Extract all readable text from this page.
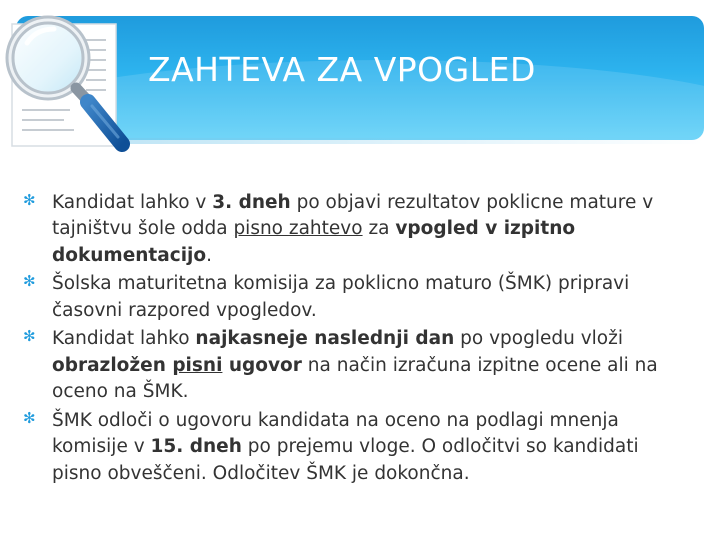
ZAHTEVA ZA VPOGLED
✻ Kandidat lahko v 3. dneh po objavi rezultatov poklicne mature v tajništvu šole odda pisno zahtevo za vpogled v izpitno dokumentacijo.
✻ Šolska maturitetna komisija za poklicno maturo (ŠMK) pripravi časovni razpored vpogledov.
✻ Kandidat lahko najkasneje naslednji dan po vpogledu vloži obrazložen pisni ugovor na način izračuna izpitne ocene ali na oceno na ŠMK.
✻ ŠMK odloči o ugovoru kandidata na oceno na podlagi mnenja komisije v 15. dneh po prejemu vloge. O odločitvi so kandidati pisno obveščeni. Odločitev ŠMK je dokončna.
